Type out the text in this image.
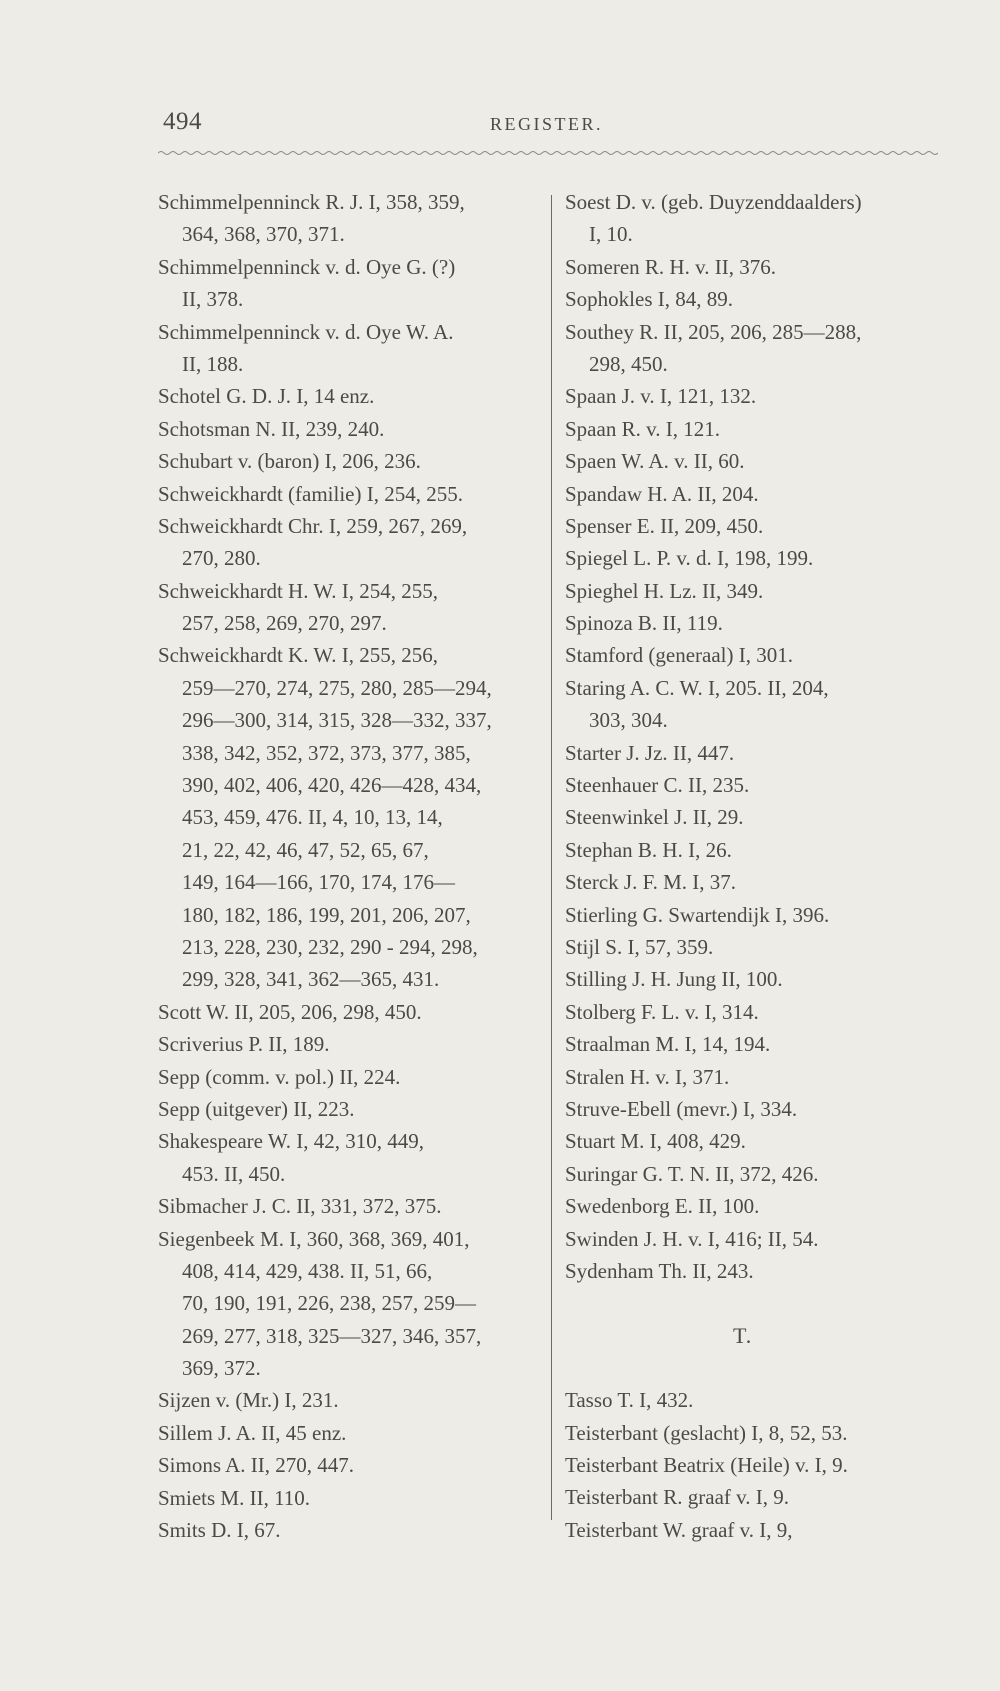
494	REGISTER.
Schimmelpenninck R. J. I, 358, 359,
364, 368, 370, 371.
Schimmelpenninck v. d. Oye G. (?)
II, 378.
Schimmelpenninck v. d. Oye W. A.
II, 188.
Schotel G. D. J. I, 14 enz.
Schotsman N. II, 239, 240.
Schubart v. (baron) I, 206, 236.
Schweickhardt (familie) I, 254, 255.
Schweickhardt Chr. I, 259, 267, 269,
270, 280.
Schweickhardt H. W. I, 254, 255,
257, 258, 269, 270, 297.
Schweickhardt K. W. I, 255, 256,
259—270, 274, 275, 280, 285—294,
296—300, 314, 315, 328—332, 337,
338, 342, 352, 372, 373, 377, 385,
390, 402, 406, 420, 426—428, 434,
453, 459, 476. II, 4, 10, 13, 14,
21, 22, 42, 46, 47, 52, 65, 67,
149, 164—166, 170, 174, 176—
180, 182, 186, 199, 201, 206, 207,
213, 228, 230, 232, 290 - 294, 298,
299, 328, 341, 362—365, 431.
Scott W. II, 205, 206, 298, 450.
Scriverius P. II, 189.
Sepp (comm. v. pol.) II, 224.
Sepp (uitgever) II, 223.
Shakespeare W. I, 42, 310, 449,
453. II, 450.
Sibmacher J. C. II, 331, 372, 375.
Siegenbeek M. I, 360, 368, 369, 401,
408, 414, 429, 438. II, 51, 66,
70, 190, 191, 226, 238, 257, 259—
269, 277, 318, 325—327, 346, 357,
369, 372.
Sijzen v. (Mr.) I, 231.
Sillem J. A. II, 45 enz.
Simons A. II, 270, 447.
Smiets M. II, 110.
Smits D. I, 67.
Soest D. v. (geb. Duyzenddaalders)
I, 10.
Someren R. H. v. II, 376.
Sophokles I, 84, 89.
Southey R. II, 205, 206, 285—288,
298, 450.
Spaan J. v. I, 121, 132.
Spaan R. v. I, 121.
Spaen W. A. v. II, 60.
Spandaw H. A. II, 204.
Spenser E. II, 209, 450.
Spiegel L. P. v. d. I, 198, 199.
Spieghel H. Lz. II, 349.
Spinoza B. II, 119.
Stamford (generaal) I, 301.
Staring A. C. W. I, 205. II, 204,
303, 304.
Starter J. Jz. II, 447.
Steenhauer C. II, 235.
Steenwinkel J. II, 29.
Stephan B. H. I, 26.
Sterck J. F. M. I, 37.
Stierling G. Swartendijk I, 396.
Stijl S. I, 57, 359.
Stilling J. H. Jung II, 100.
Stolberg F. L. v. I, 314.
Straalman M. I, 14, 194.
Stralen H. v. I, 371.
Struve-Ebell (mevr.) I, 334.
Stuart M. I, 408, 429.
Suringar G. T. N. II, 372, 426.
Swedenborg E. II, 100.
Swinden J. H. v. I, 416; II, 54.
Sydenham Th. II, 243.
T.
Tasso T. I, 432.
Teisterbant (geslacht) I, 8, 52, 53.
Teisterbant Beatrix (Heile) v. I, 9.
Teisterbant R. graaf v. I, 9.
Teisterbant W. graaf v. I, 9,
